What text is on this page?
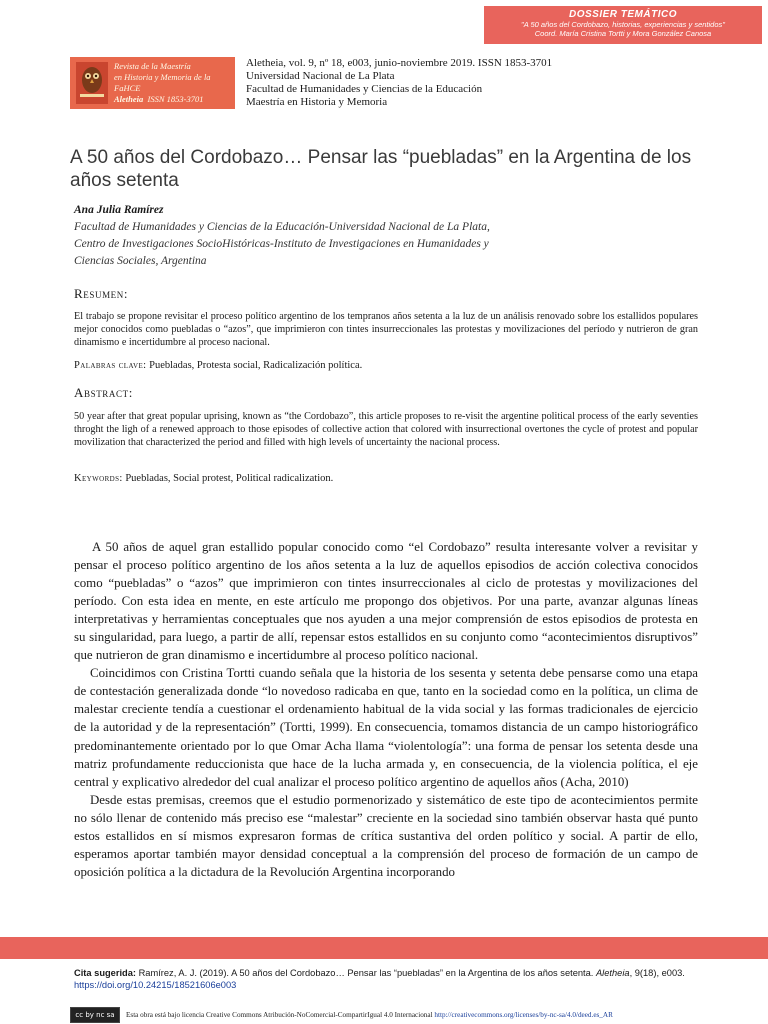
DOSSIER TEMÁTICO
"A 50 años del Cordobazo, historias, experiencias y sentidos"
Coord. María Cristina Tortti y Mora González Canosa
Revista de la Maestría
en Historia y Memoria de la FaHCE
Aletheia ISSN 1853-3701
Aletheia, vol. 9, nº 18, e003, junio-noviembre 2019. ISSN 1853-3701
Universidad Nacional de La Plata
Facultad de Humanidades y Ciencias de la Educación
Maestría en Historia y Memoria
A 50 años del Cordobazo… Pensar las “puebladas” en la Argentina de los años setenta
Ana Julia Ramírez
Facultad de Humanidades y Ciencias de la Educación-Universidad Nacional de La Plata,
Centro de Investigaciones SocioHistóricas-Instituto de Investigaciones en Humanidades y
Ciencias Sociales, Argentina
Resumen:
El trabajo se propone revisitar el proceso político argentino de los tempranos años setenta a la luz de un análisis renovado sobre los estallidos populares mejor conocidos como puebladas o “azos”, que imprimieron con tintes insurreccionales las protestas y movilizaciones del período y nutrieron de gran dinamismo e incertidumbre al proceso nacional.
Palabras clave: Puebladas, Protesta social, Radicalización política.
Abstract:
50 year after that great popular uprising, known as “the Cordobazo”, this article proposes to re-visit the argentine political process of the early seventies throght the ligh of a renewed approach to those episodes of collective action that colored with insurrectional overtones the cycle of protest and popular movilization that characterized the period and filled with high levels of uncertainty the nacional process.
Keywords: Puebladas, Social protest, Political radicalization.

A 50 años de aquel gran estallido popular conocido como “el Cordobazo” resulta interesante volver a revisitar y pensar el proceso político argentino de los años setenta a la luz de aquellos episodios de acción colectiva conocidos como “puebladas” o “azos” que imprimieron con tintes insurreccionales al ciclo de protestas y movilizaciones del período. Con esta idea en mente, en este artículo me propongo dos objetivos. Por una parte, avanzar algunas líneas interpretativas y herramientas conceptuales que nos ayuden a una mejor comprensión de estos episodios de protesta en su singularidad, para luego, a partir de allí, repensar estos estallidos en su conjunto como “acontecimientos disruptivos” que nutrieron de gran dinamismo e incertidumbre al proceso político nacional.

Coincidimos con Cristina Tortti cuando señala que la historia de los sesenta y setenta debe pensarse como una etapa de contestación generalizada donde “lo novedoso radicaba en que, tanto en la sociedad como en la política, un clima de malestar creciente tendía a cuestionar el ordenamiento habitual de la vida social y las formas tradicionales de ejercicio de la autoridad y de la representación” (Tortti, 1999). En consecuencia, tomamos distancia de un campo historiográfico predominantemente orientado por lo que Omar Acha llama “violentología”: una forma de pensar los setenta desde una matriz profundamente reduccionista que hace de la lucha armada y, en consecuencia, de la violencia política, el eje central y explicativo alrededor del cual analizar el proceso político argentino de aquellos años (Acha, 2010)

Desde estas premisas, creemos que el estudio pormenorizado y sistemático de este tipo de acontecimientos permite no sólo llenar de contenido más preciso ese “malestar” creciente en la sociedad sino también observar hasta qué punto estos estallidos en sí mismos expresaron formas de crítica sustantiva del orden político y social. A partir de ello, esperamos aportar también mayor densidad conceptual a la comprensión del proceso de formación de un campo de oposición política a la dictadura de la Revolución Argentina incorporando

Cita sugerida: Ramírez, A. J. (2019). A 50 años del Cordobazo… Pensar las “puebladas” en la Argentina de los años setenta. Aletheia, 9(18), e003. https://doi.org/10.24215/18521606e003
cc by nc sa	Esta obra está bajo licencia Creative Commons Atribución-NoComercial-CompartirIgual 4.0 Internacional http://creativecommons.org/licenses/by-nc-sa/4.0/deed.es_AR
